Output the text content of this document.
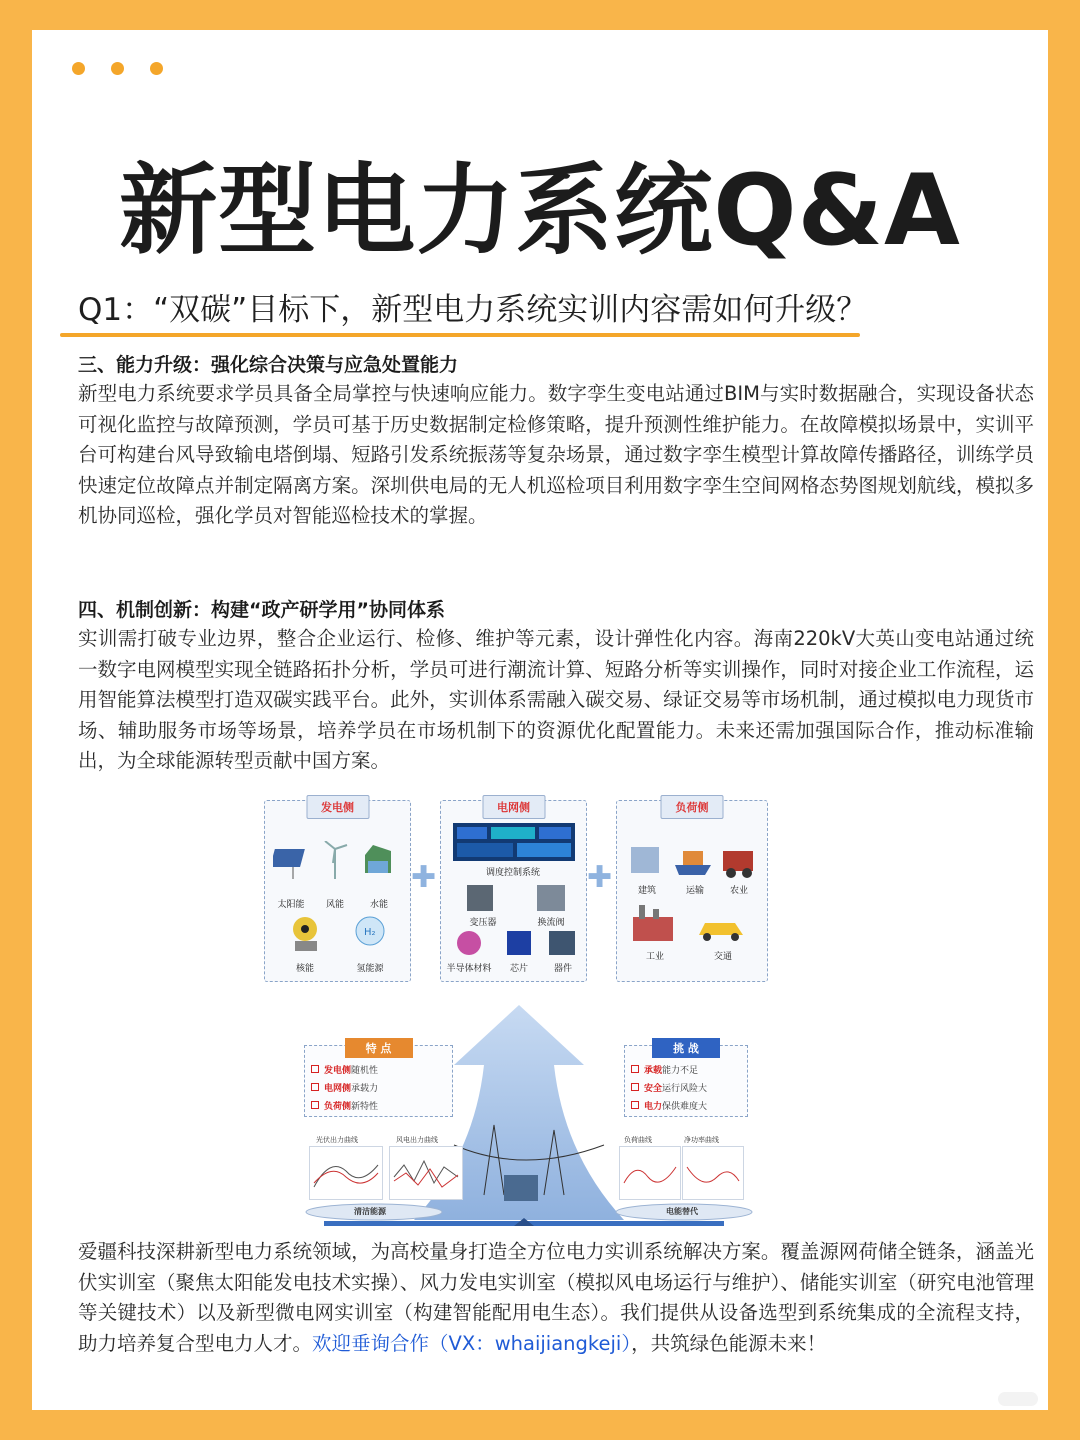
新型电力系统Q&A
Q1：“双碳”目标下，新型电力系统实训内容需如何升级？
三、能力升级：强化综合决策与应急处置能力
新型电力系统要求学员具备全局掌控与快速响应能力。数字孪生变电站通过BIM与实时数据融合，实现设备状态可视化监控与故障预测，学员可基于历史数据制定检修策略，提升预测性维护能力。在故障模拟场景中，实训平台可构建台风导致输电塔倒塌、短路引发系统振荡等复杂场景，通过数字孪生模型计算故障传播路径，训练学员快速定位故障点并制定隔离方案。深圳供电局的无人机巡检项目利用数字孪生空间网格态势图规划航线，模拟多机协同巡检，强化学员对智能巡检技术的掌握。
四、机制创新：构建“政产研学用”协同体系
实训需打破专业边界，整合企业运行、检修、维护等元素，设计弹性化内容。海南220kV大英山变电站通过统一数字电网模型实现全链路拓扑分析，学员可进行潮流计算、短路分析等实训操作，同时对接企业工作流程，运用智能算法模型打造双碳实践平台。此外，实训体系需融入碳交易、绿证交易等市场机制，通过模拟电力现货市场、辅助服务市场等场景，培养学员在市场机制下的资源优化配置能力。未来还需加强国际合作，推动标准输出，为全球能源转型贡献中国方案。
发电侧
太阳能	风能	水能
H₂
核能	氢能源
✚
电网侧
调度控制系统
变压器	换流阀
半导体材料	芯片	器件
✚
负荷侧
建筑	运输	农业
工业	交通
特 点
发电侧随机性
电网侧承载力
负荷侧新特性
挑 战
承载能力不足
安全运行风险大
电力保供难度大
光伏出力曲线	风电出力曲线
清洁能源
负荷曲线	净功率曲线
电能替代
爱疆科技深耕新型电力系统领域，为高校量身打造全方位电力实训系统解决方案。覆盖源网荷储全链条，涵盖光伏实训室（聚焦太阳能发电技术实操）、风力发电实训室（模拟风电场运行与维护）、储能实训室（研究电池管理等关键技术）以及新型微电网实训室（构建智能配用电生态）。我们提供从设备选型到系统集成的全流程支持，助力培养复合型电力人才。欢迎垂询合作（VX：whaijiangkeji），共筑绿色能源未来！
